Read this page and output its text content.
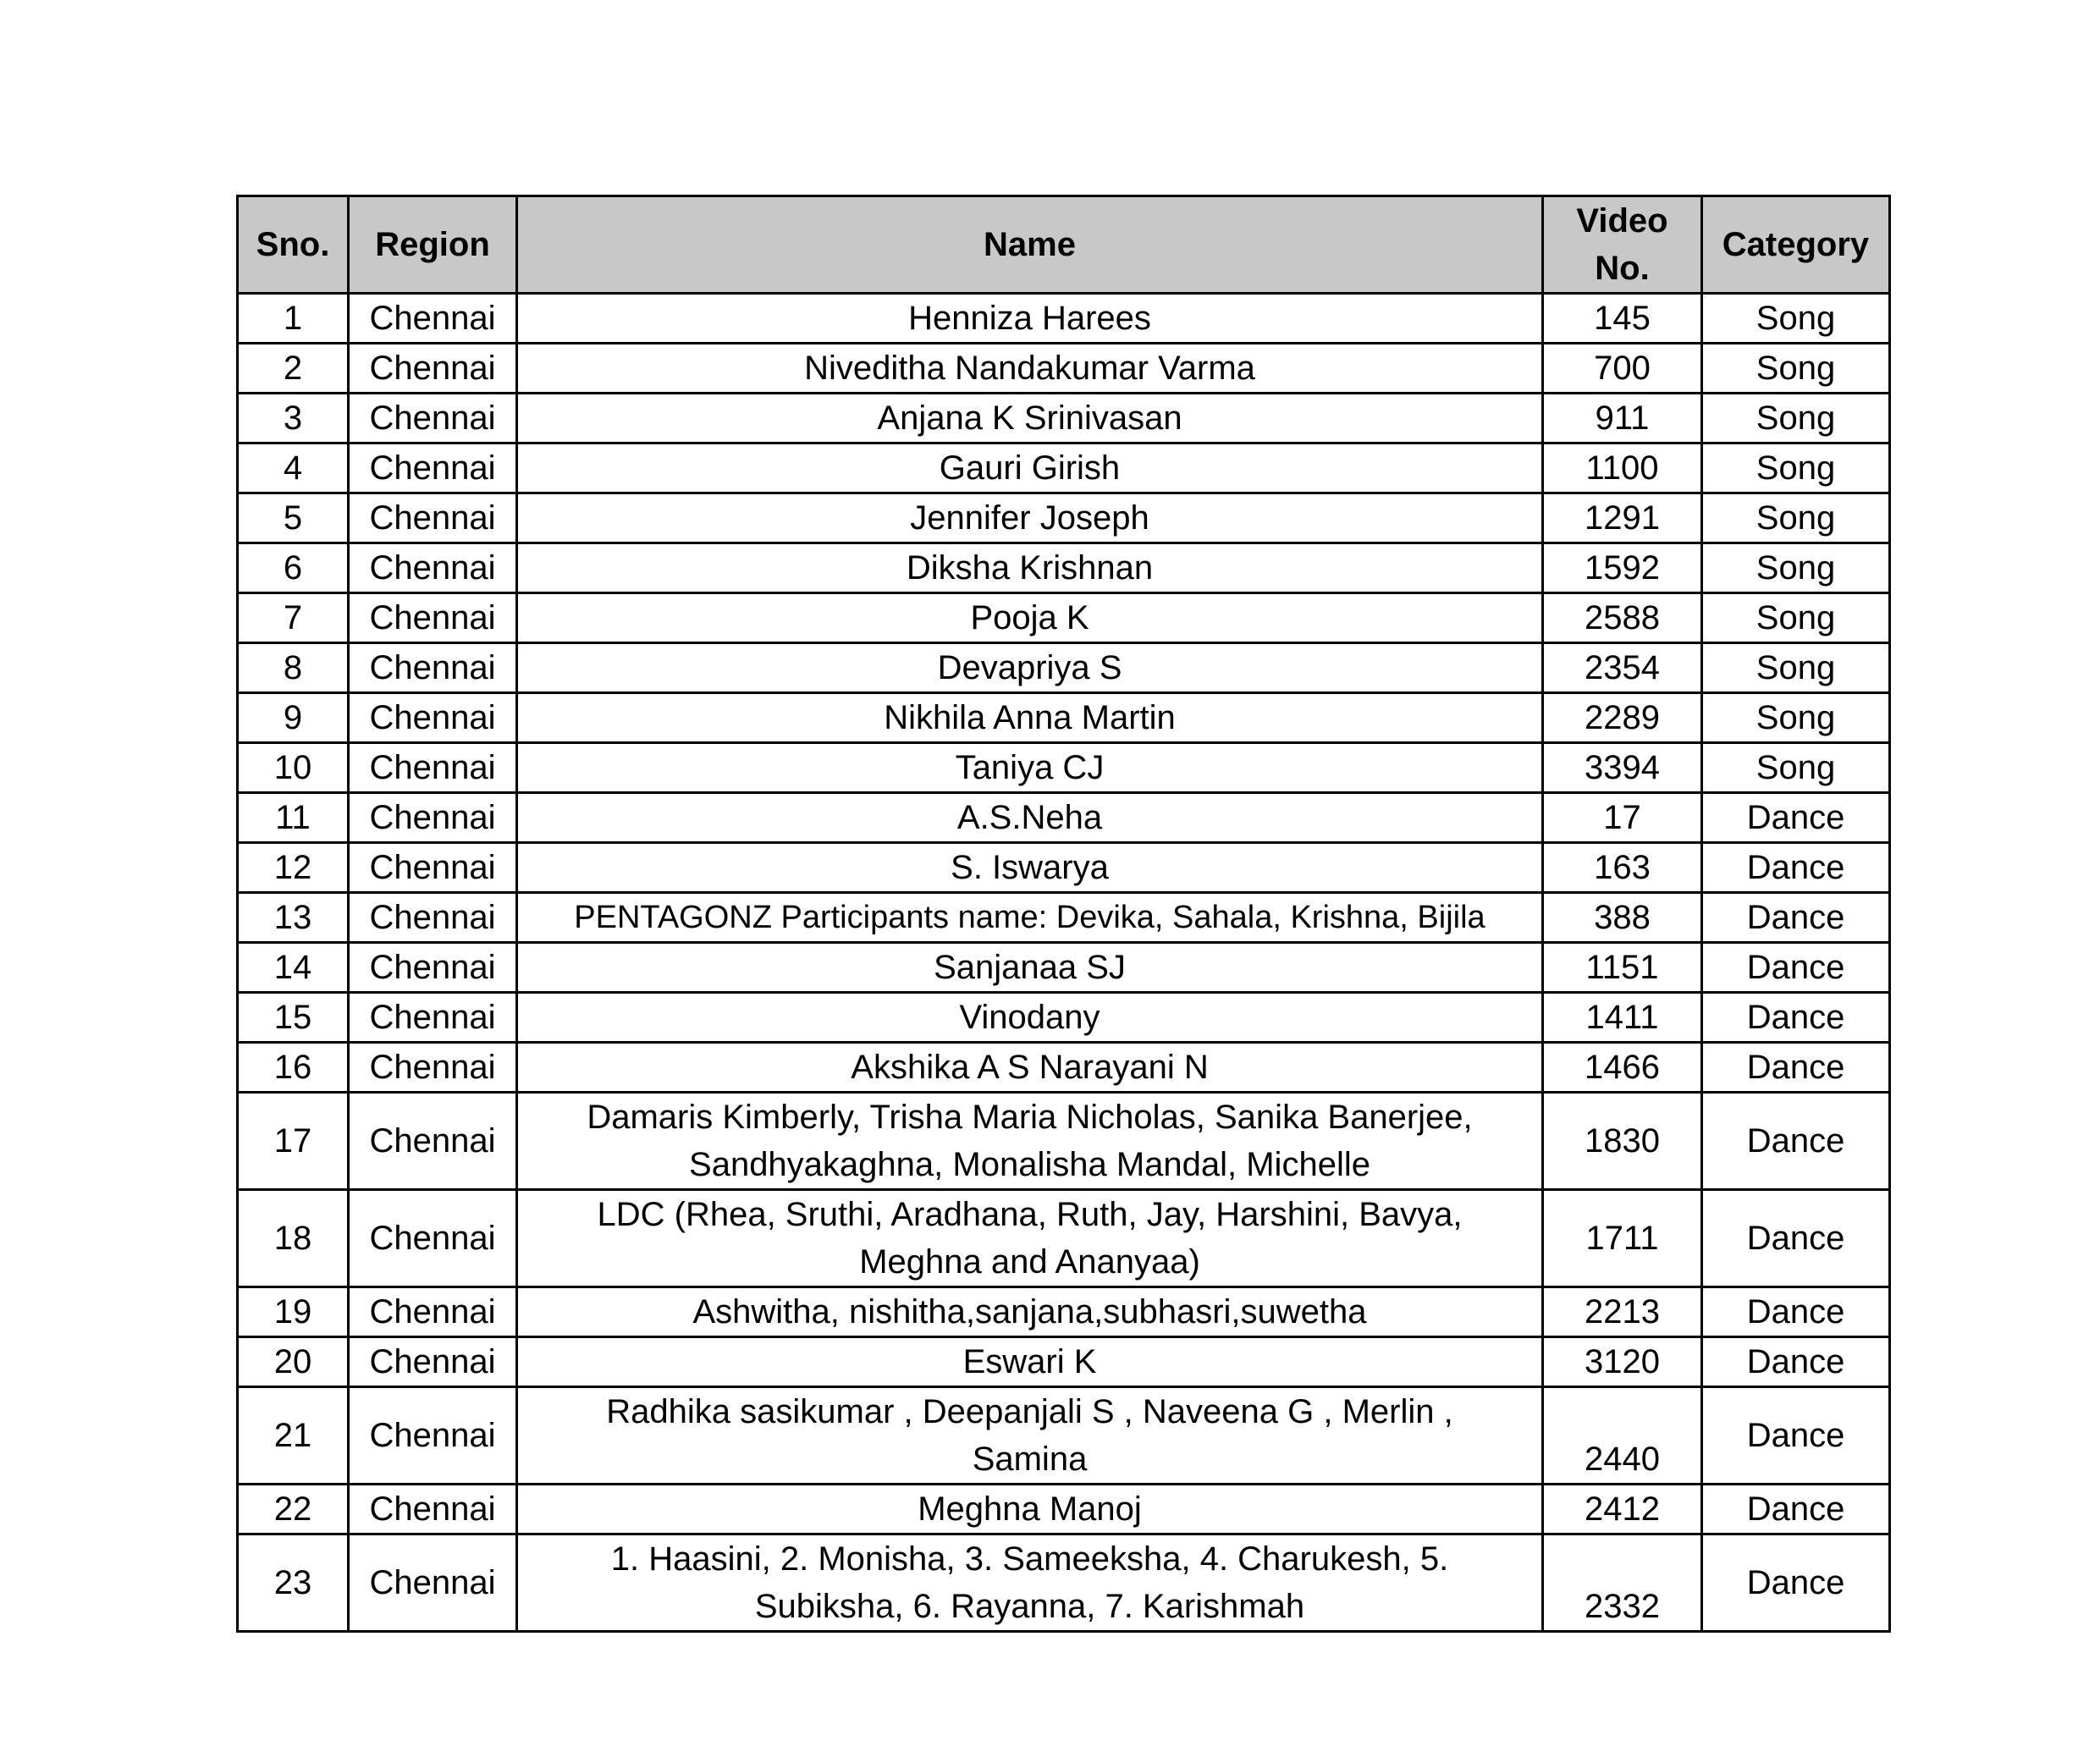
Sno.	Region	Name	Video No.	Category
1	Chennai	Henniza Harees	145	Song
2	Chennai	Niveditha Nandakumar Varma	700	Song
3	Chennai	Anjana K Srinivasan	911	Song
4	Chennai	Gauri Girish	1100	Song
5	Chennai	Jennifer Joseph	1291	Song
6	Chennai	Diksha Krishnan	1592	Song
7	Chennai	Pooja K	2588	Song
8	Chennai	Devapriya S	2354	Song
9	Chennai	Nikhila Anna Martin	2289	Song
10	Chennai	Taniya CJ	3394	Song
11	Chennai	A.S.Neha	17	Dance
12	Chennai	S. Iswarya	163	Dance
13	Chennai	PENTAGONZ Participants name: Devika, Sahala, Krishna, Bijila	388	Dance
14	Chennai	Sanjanaa SJ	1151	Dance
15	Chennai	Vinodany	1411	Dance
16	Chennai	Akshika A S Narayani N	1466	Dance
17	Chennai	Damaris Kimberly, Trisha Maria Nicholas, Sanika Banerjee, Sandhyakaghna, Monalisha Mandal, Michelle	1830	Dance
18	Chennai	LDC (Rhea, Sruthi, Aradhana, Ruth, Jay, Harshini, Bavya, Meghna and Ananyaa)	1711	Dance
19	Chennai	Ashwitha, nishitha,sanjana,subhasri,suwetha	2213	Dance
20	Chennai	Eswari K	3120	Dance
21	Chennai	Radhika sasikumar , Deepanjali S , Naveena G , Merlin , Samina	2440	Dance
22	Chennai	Meghna Manoj	2412	Dance
23	Chennai	1. Haasini, 2. Monisha, 3. Sameeksha, 4. Charukesh, 5. Subiksha, 6. Rayanna, 7. Karishmah	2332	Dance
